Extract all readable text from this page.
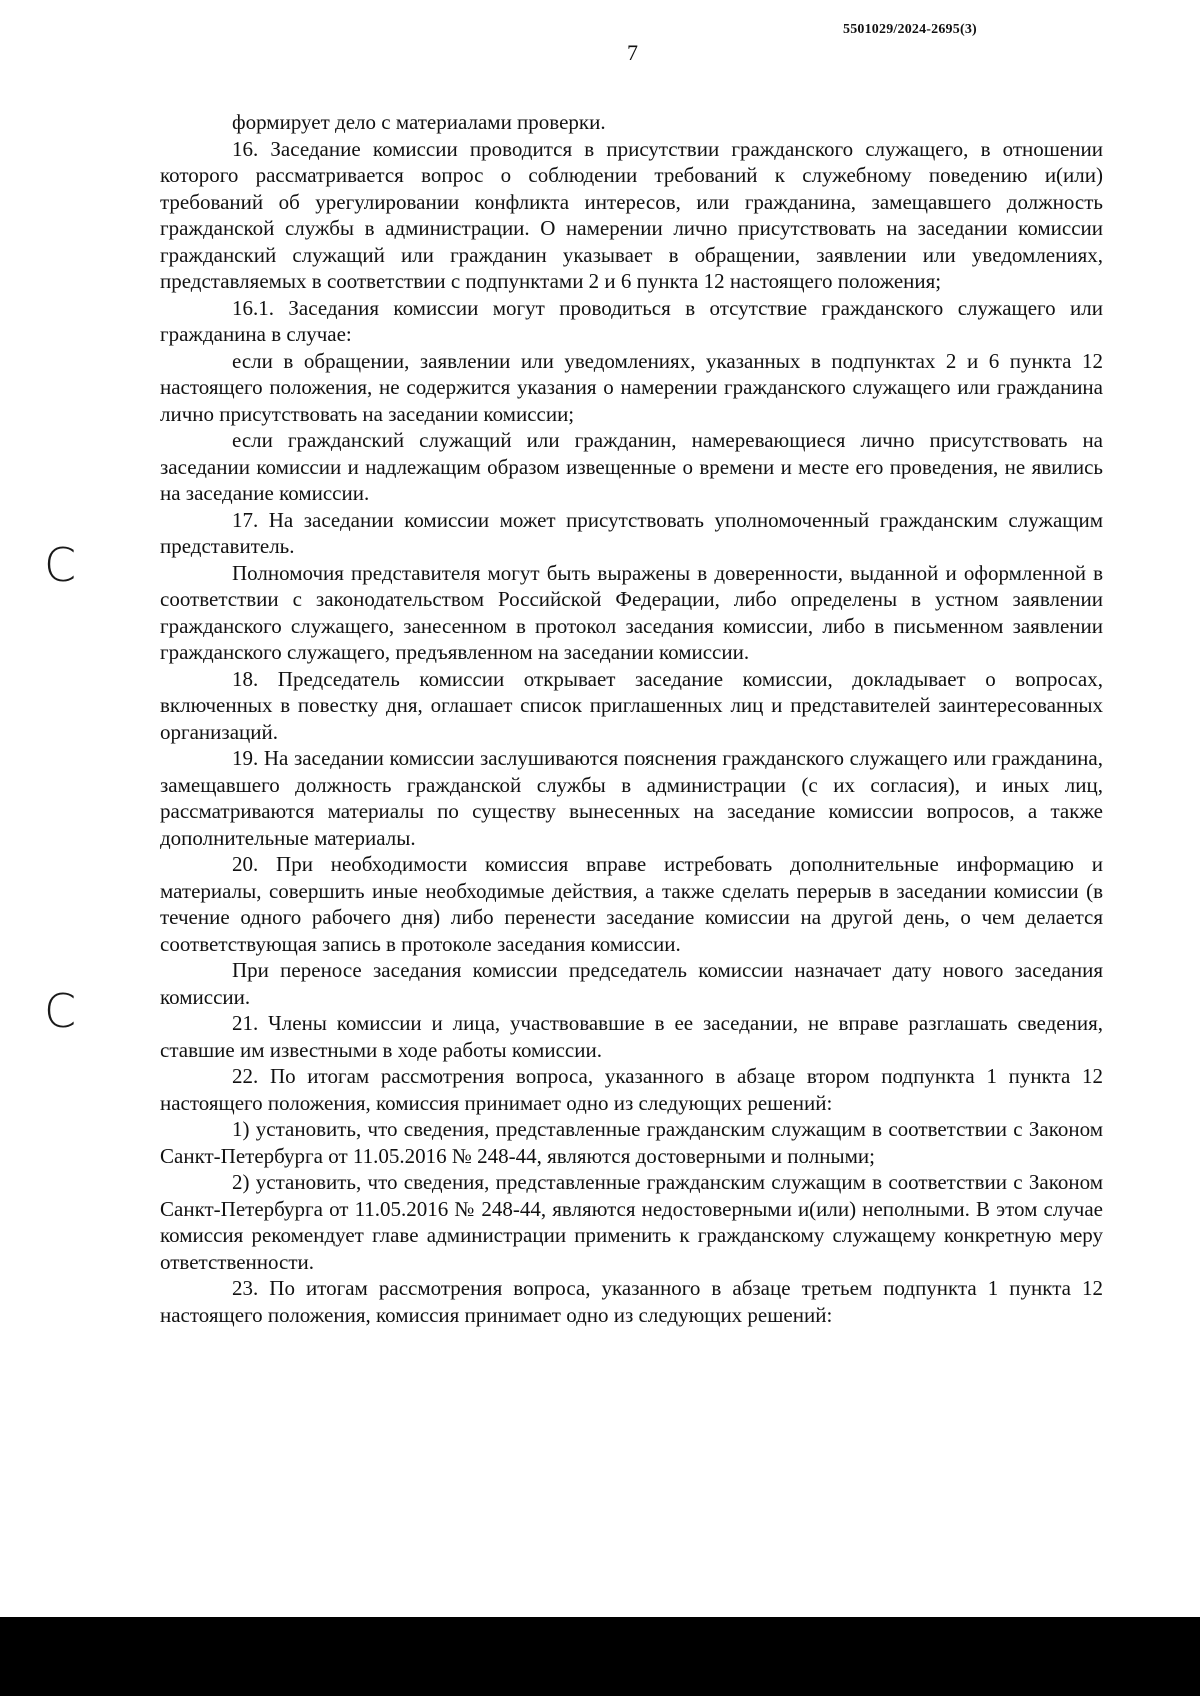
5501029/2024-2695(3)
7
C
C

формирует дело с материалами проверки.

16. Заседание комиссии проводится в присутствии гражданского служащего, в отношении которого рассматривается вопрос о соблюдении требований к служебному поведению и(или) требований об урегулировании конфликта интересов, или гражданина, замещавшего должность гражданской службы в администрации. О намерении лично присутствовать на заседании комиссии гражданский служащий или гражданин указывает в обращении, заявлении или уведомлениях, представляемых в соответствии с подпунктами 2 и 6 пункта 12 настоящего положения;

16.1. Заседания комиссии могут проводиться в отсутствие гражданского служащего или гражданина в случае:

если в обращении, заявлении или уведомлениях, указанных в подпунктах 2 и 6 пункта 12 настоящего положения, не содержится указания о намерении гражданского служащего или гражданина лично присутствовать на заседании комиссии;

если гражданский служащий или гражданин, намеревающиеся лично присутствовать на заседании комиссии и надлежащим образом извещенные о времени и месте его проведения, не явились на заседание комиссии.

17. На заседании комиссии может присутствовать уполномоченный гражданским служащим представитель.

Полномочия представителя могут быть выражены в доверенности, выданной и оформленной в соответствии с законодательством Российской Федерации, либо определены в устном заявлении гражданского служащего, занесенном в протокол заседания комиссии, либо в письменном заявлении гражданского служащего, предъявленном на заседании комиссии.

18. Председатель комиссии открывает заседание комиссии, докладывает о вопросах, включенных в повестку дня, оглашает список приглашенных лиц и представителей заинтересованных организаций.

19. На заседании комиссии заслушиваются пояснения гражданского служащего или гражданина, замещавшего должность гражданской службы в администрации (с их согласия), и иных лиц, рассматриваются материалы по существу вынесенных на заседание комиссии вопросов, а также дополнительные материалы.

20. При необходимости комиссия вправе истребовать дополнительные информацию и материалы, совершить иные необходимые действия, а также сделать перерыв в заседании комиссии (в течение одного рабочего дня) либо перенести заседание комиссии на другой день, о чем делается соответствующая запись в протоколе заседания комиссии.

При переносе заседания комиссии председатель комиссии назначает дату нового заседания комиссии.

21. Члены комиссии и лица, участвовавшие в ее заседании, не вправе разглашать сведения, ставшие им известными в ходе работы комиссии.

22. По итогам рассмотрения вопроса, указанного в абзаце втором подпункта 1 пункта 12 настоящего положения, комиссия принимает одно из следующих решений:

1) установить, что сведения, представленные гражданским служащим в соответствии с Законом Санкт-Петербурга от 11.05.2016 № 248-44, являются достоверными и полными;

2) установить, что сведения, представленные гражданским служащим в соответствии с Законом Санкт-Петербурга от 11.05.2016 № 248-44, являются недостоверными и(или) неполными. В этом случае комиссия рекомендует главе администрации применить к гражданскому служащему конкретную меру ответственности.

23. По итогам рассмотрения вопроса, указанного в абзаце третьем подпункта 1 пункта 12 настоящего положения, комиссия принимает одно из следующих решений:
